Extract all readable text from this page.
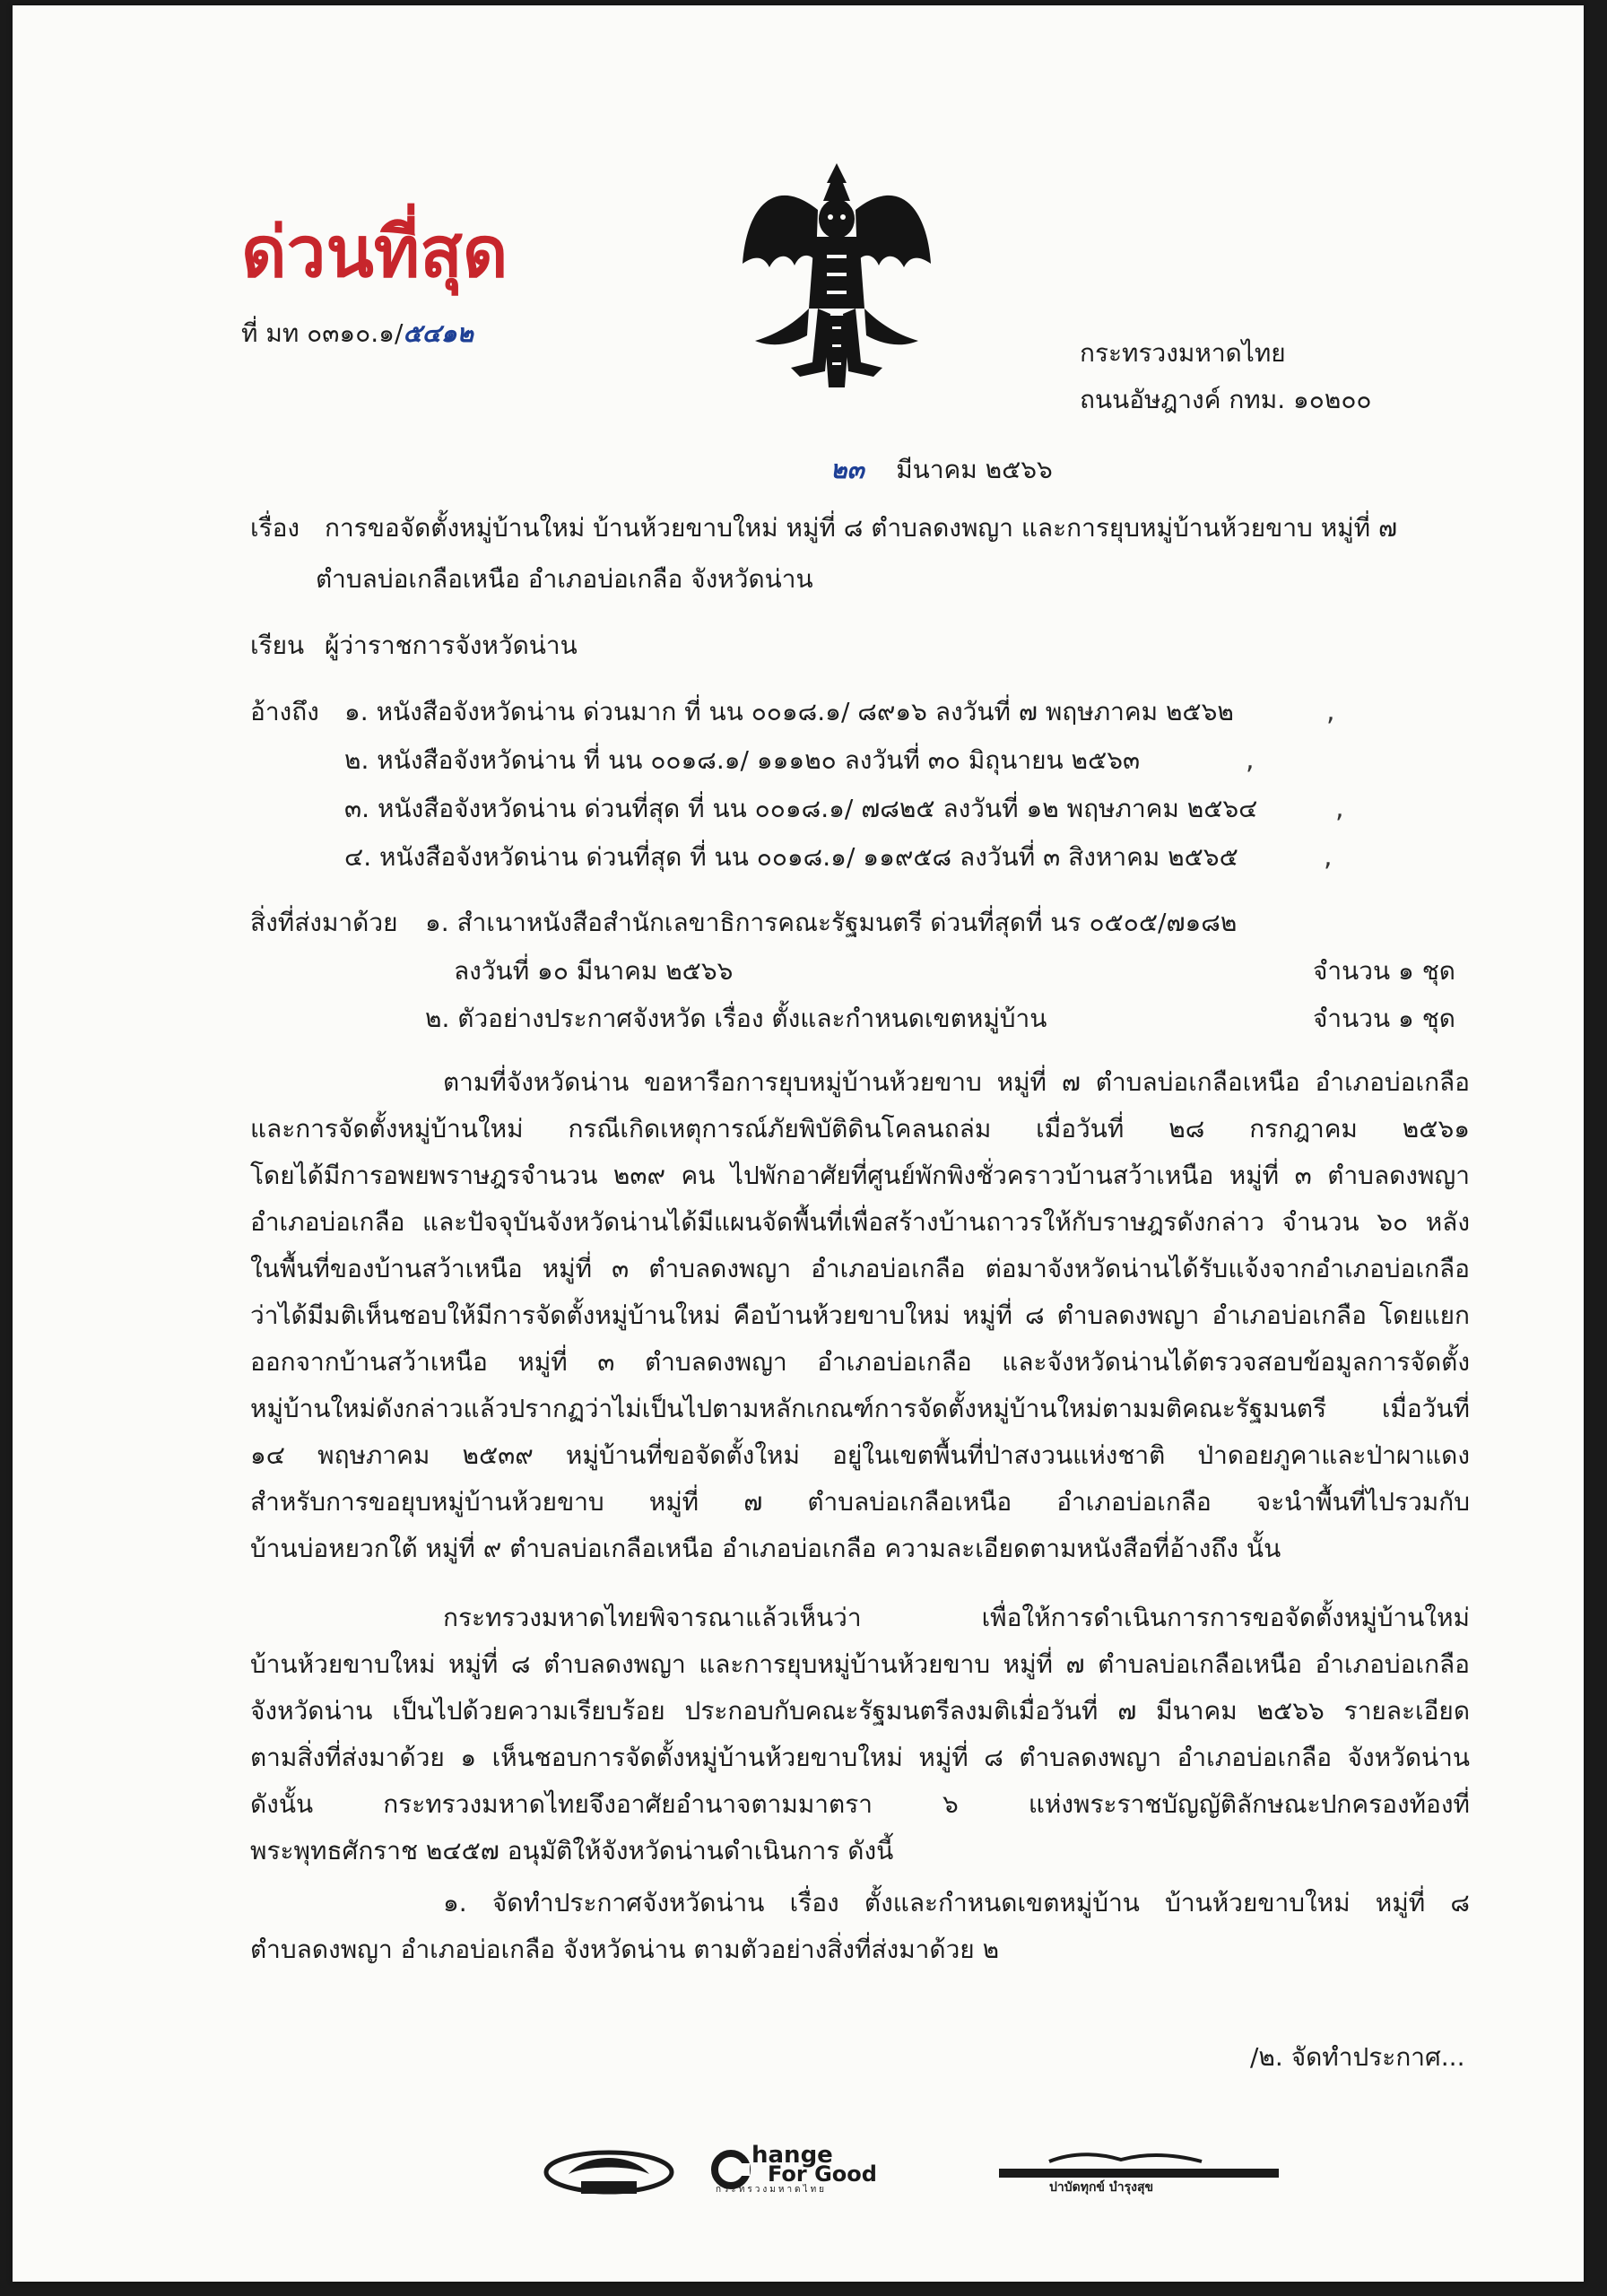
ด่วนที่สุด
ที่ มท ๐๓๑๐.๑/๕๔๑๒
กระทรวงมหาดไทย
ถนนอัษฎางค์ กทม. ๑๐๒๐๐
๒๓ มีนาคม ๒๕๖๖
เรื่อง การขอจัดตั้งหมู่บ้านใหม่ บ้านห้วยขาบใหม่ หมู่ที่ ๘ ตำบลดงพญา และการยุบหมู่บ้านห้วยขาบ หมู่ที่ ๗
ตำบลบ่อเกลือเหนือ อำเภอบ่อเกลือ จังหวัดน่าน
เรียน ผู้ว่าราชการจังหวัดน่าน
อ้างถึง ๑. หนังสือจังหวัดน่าน ด่วนมาก ที่ นน ๐๐๑๘.๑/ ๘๙๑๖ ลงวันที่ ๗ พฤษภาคม ๒๕๖๒	,
๒. หนังสือจังหวัดน่าน ที่ นน ๐๐๑๘.๑/ ๑๑๑๒๐ ลงวันที่ ๓๐ มิถุนายน ๒๕๖๓	,
๓. หนังสือจังหวัดน่าน ด่วนที่สุด ที่ นน ๐๐๑๘.๑/ ๗๘๒๕ ลงวันที่ ๑๒ พฤษภาคม ๒๕๖๔	,
๔. หนังสือจังหวัดน่าน ด่วนที่สุด ที่ นน ๐๐๑๘.๑/ ๑๑๙๕๘ ลงวันที่ ๓ สิงหาคม ๒๕๖๕	,
สิ่งที่ส่งมาด้วย ๑. สำเนาหนังสือสำนักเลขาธิการคณะรัฐมนตรี ด่วนที่สุดที่ นร ๐๕๐๕/๗๑๘๒
ลงวันที่ ๑๐ มีนาคม ๒๕๖๖	จำนวน ๑ ชุด
๒. ตัวอย่างประกาศจังหวัด เรื่อง ตั้งและกำหนดเขตหมู่บ้าน	จำนวน ๑ ชุด
ตามที่จังหวัดน่าน ขอหารือการยุบหมู่บ้านห้วยขาบ หมู่ที่ ๗ ตำบลบ่อเกลือเหนือ อำเภอบ่อเกลือ
และการจัดตั้งหมู่บ้านใหม่ กรณีเกิดเหตุการณ์ภัยพิบัติดินโคลนถล่ม เมื่อวันที่ ๒๘ กรกฎาคม ๒๕๖๑
โดยได้มีการอพยพราษฎรจำนวน ๒๓๙ คน ไปพักอาศัยที่ศูนย์พักพิงชั่วคราวบ้านสว้าเหนือ หมู่ที่ ๓ ตำบลดงพญา
อำเภอบ่อเกลือ และปัจจุบันจังหวัดน่านได้มีแผนจัดพื้นที่เพื่อสร้างบ้านถาวรให้กับราษฎรดังกล่าว จำนวน ๖๐ หลัง
ในพื้นที่ของบ้านสว้าเหนือ หมู่ที่ ๓ ตำบลดงพญา อำเภอบ่อเกลือ ต่อมาจังหวัดน่านได้รับแจ้งจากอำเภอบ่อเกลือ
ว่าได้มีมติเห็นชอบให้มีการจัดตั้งหมู่บ้านใหม่ คือบ้านห้วยขาบใหม่ หมู่ที่ ๘ ตำบลดงพญา อำเภอบ่อเกลือ โดยแยก
ออกจากบ้านสว้าเหนือ หมู่ที่ ๓ ตำบลดงพญา อำเภอบ่อเกลือ และจังหวัดน่านได้ตรวจสอบข้อมูลการจัดตั้ง
หมู่บ้านใหม่ดังกล่าวแล้วปรากฏว่าไม่เป็นไปตามหลักเกณฑ์การจัดตั้งหมู่บ้านใหม่ตามมติคณะรัฐมนตรี เมื่อวันที่
๑๔ พฤษภาคม ๒๕๓๙ หมู่บ้านที่ขอจัดตั้งใหม่ อยู่ในเขตพื้นที่ป่าสงวนแห่งชาติ ป่าดอยภูคาและป่าผาแดง
สำหรับการขอยุบหมู่บ้านห้วยขาบ หมู่ที่ ๗ ตำบลบ่อเกลือเหนือ อำเภอบ่อเกลือ จะนำพื้นที่ไปรวมกับ
บ้านบ่อหยวกใต้ หมู่ที่ ๙ ตำบลบ่อเกลือเหนือ อำเภอบ่อเกลือ ความละเอียดตามหนังสือที่อ้างถึง นั้น
กระทรวงมหาดไทยพิจารณาแล้วเห็นว่า เพื่อให้การดำเนินการการขอจัดตั้งหมู่บ้านใหม่
บ้านห้วยขาบใหม่ หมู่ที่ ๘ ตำบลดงพญา และการยุบหมู่บ้านห้วยขาบ หมู่ที่ ๗ ตำบลบ่อเกลือเหนือ อำเภอบ่อเกลือ
จังหวัดน่าน เป็นไปด้วยความเรียบร้อย ประกอบกับคณะรัฐมนตรีลงมติเมื่อวันที่ ๗ มีนาคม ๒๕๖๖ รายละเอียด
ตามสิ่งที่ส่งมาด้วย ๑ เห็นชอบการจัดตั้งหมู่บ้านห้วยขาบใหม่ หมู่ที่ ๘ ตำบลดงพญา อำเภอบ่อเกลือ จังหวัดน่าน
ดังนั้น กระทรวงมหาดไทยจึงอาศัยอำนาจตามมาตรา ๖ แห่งพระราชบัญญัติลักษณะปกครองท้องที่
พระพุทธศักราช ๒๔๕๗ อนุมัติให้จังหวัดน่านดำเนินการ ดังนี้
๑. จัดทำประกาศจังหวัดน่าน เรื่อง ตั้งและกำหนดเขตหมู่บ้าน บ้านห้วยขาบใหม่ หมู่ที่ ๘
ตำบลดงพญา อำเภอบ่อเกลือ จังหวัดน่าน ตามตัวอย่างสิ่งที่ส่งมาด้วย ๒
/๒. จัดทำประกาศ...
hange
For Good
กระทรวงมหาดไทย	ปาบัดทุกข์ บำรุงสุข
